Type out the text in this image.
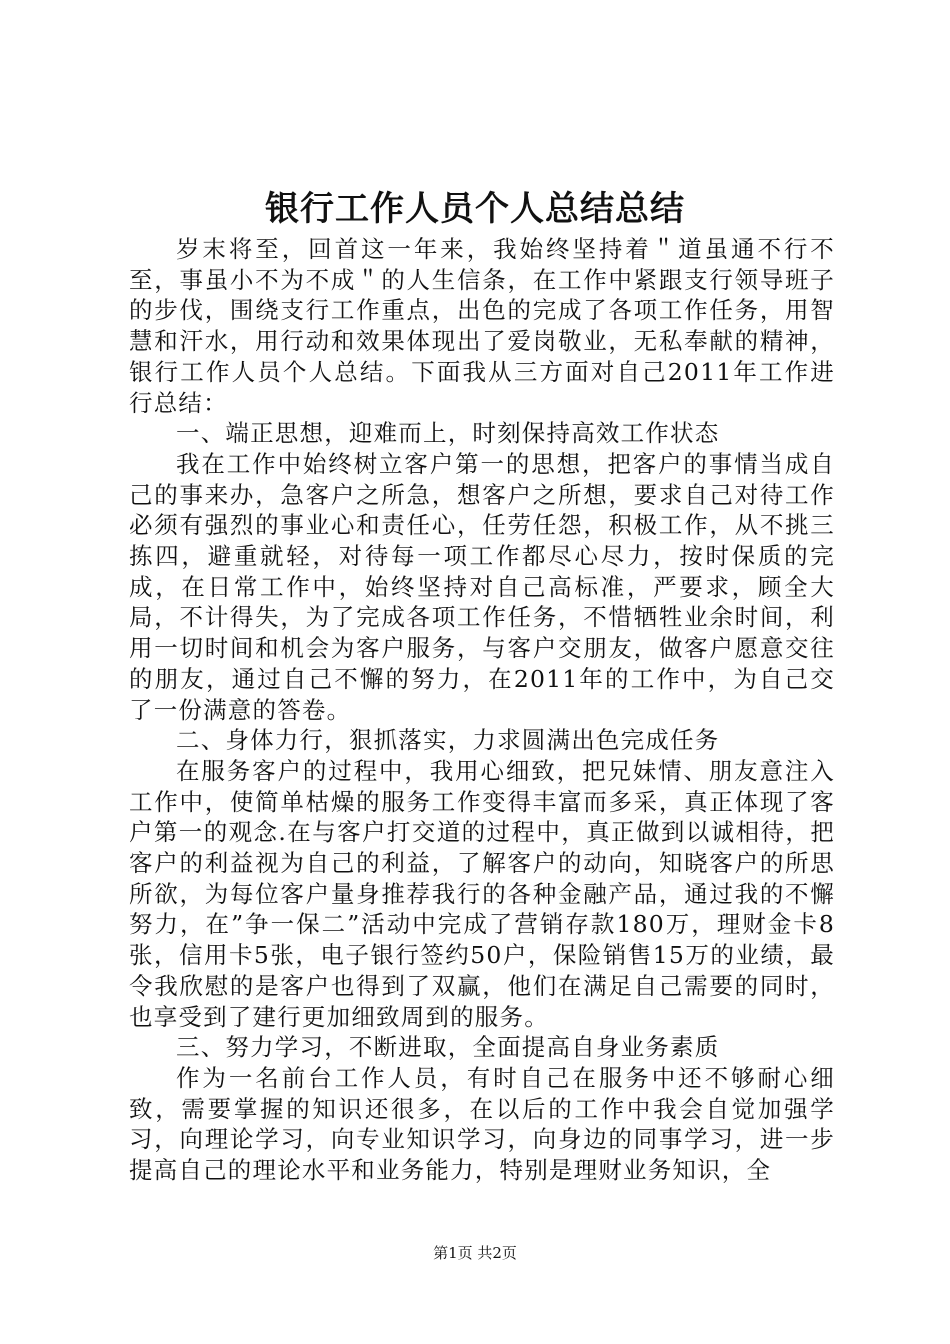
银行工作人员个人总结总结

岁末将至，回首这一年来，我始终坚持着＂道虽通不行不至，事虽小不为不成＂的人生信条，在工作中紧跟支行领导班子的步伐，围绕支行工作重点，出色的完成了各项工作任务，用智慧和汗水，用行动和效果体现出了爱岗敬业，无私奉献的精神，银行工作人员个人总结。下面我从三方面对自己2011年工作进行总结：

一、端正思想，迎难而上，时刻保持高效工作状态

我在工作中始终树立客户第一的思想，把客户的事情当成自己的事来办，急客户之所急，想客户之所想，要求自己对待工作必须有强烈的事业心和责任心，任劳任怨，积极工作，从不挑三拣四，避重就轻，对待每一项工作都尽心尽力，按时保质的完成，在日常工作中，始终坚持对自己高标准，严要求，顾全大局，不计得失，为了完成各项工作任务，不惜牺牲业余时间，利用一切时间和机会为客户服务，与客户交朋友，做客户愿意交往的朋友，通过自己不懈的努力，在2011年的工作中，为自己交了一份满意的答卷。

二、身体力行，狠抓落实，力求圆满出色完成任务

在服务客户的过程中，我用心细致，把兄妹情、朋友意注入工作中，使简单枯燥的服务工作变得丰富而多采，真正体现了客户第一的观念.在与客户打交道的过程中，真正做到以诚相待，把客户的利益视为自己的利益，了解客户的动向，知晓客户的所思所欲，为每位客户量身推荐我行的各种金融产品，通过我的不懈努力，在”争一保二”活动中完成了营销存款180万，理财金卡8张，信用卡5张，电子银行签约50户，保险销售15万的业绩，最令我欣慰的是客户也得到了双赢，他们在满足自己需要的同时，也享受到了建行更加细致周到的服务。

三、努力学习，不断进取，全面提高自身业务素质

作为一名前台工作人员，有时自己在服务中还不够耐心细致，需要掌握的知识还很多，在以后的工作中我会自觉加强学习，向理论学习，向专业知识学习，向身边的同事学习，进一步提高自己的理论水平和业务能力，特别是理财业务知识，全

第1页 共2页
